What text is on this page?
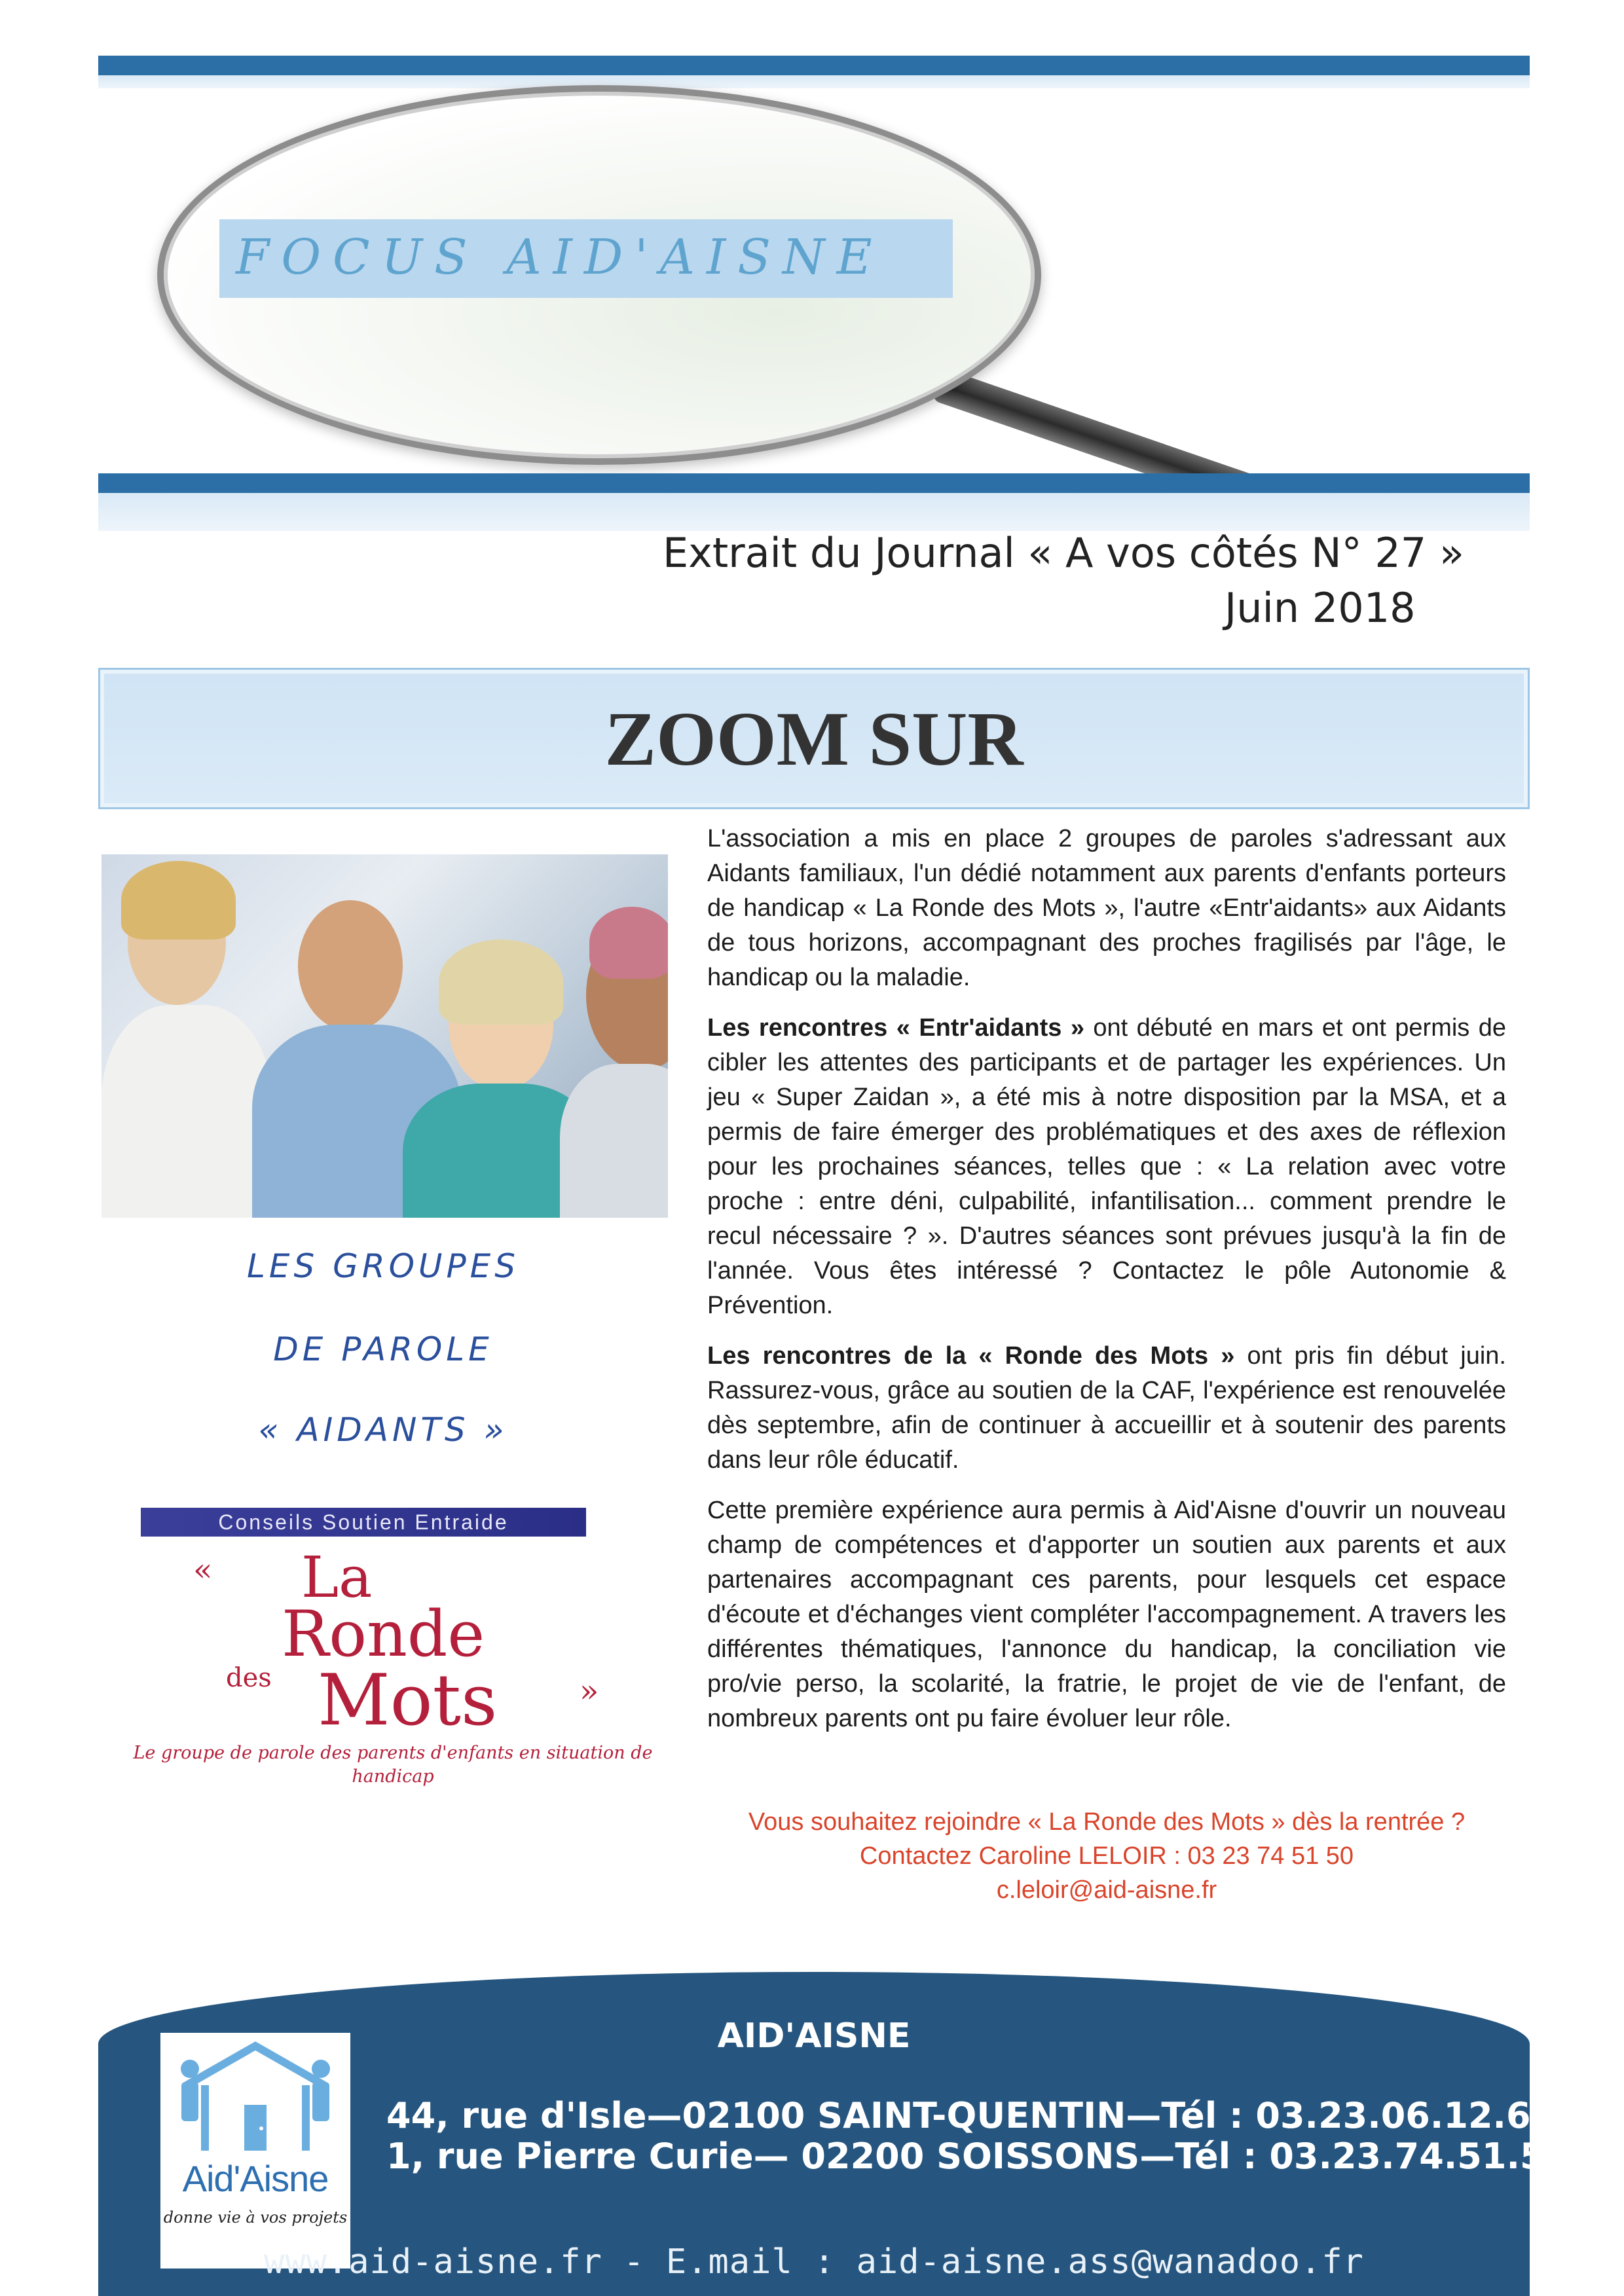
FOCUS AID'AISNE
Extrait du Journal « A vos côtés N° 27 »
Juin 2018
ZOOM SUR
LES GROUPES
DE PAROLE
« AIDANTS »
Conseils Soutien Entraide
« La
Ronde
des Mots	»
Le groupe de parole des parents d'enfants en situation de handicap

L'association a mis en place 2 groupes de paroles s'adressant aux Aidants familiaux, l'un dédié notamment aux parents d'enfants porteurs de handicap « La Ronde des Mots », l'autre «Entr'aidants» aux Aidants de tous horizons, accompagnant des proches fragilisés par l'âge, le handicap ou la maladie.

Les rencontres « Entr'aidants » ont débuté en mars et ont permis de cibler les attentes des participants et de partager les expériences. Un jeu « Super Zaidan », a été mis à notre disposition par la MSA, et a permis de faire émerger des problématiques et des axes de réflexion pour les prochaines séances, telles que : « La relation avec votre proche : entre déni, culpabilité, infantilisation... comment prendre le recul nécessaire ? ». D'autres séances sont prévues jusqu'à la fin de l'année. Vous êtes intéressé ? Contactez le pôle Autonomie & Prévention.

Les rencontres de la « Ronde des Mots » ont pris fin début juin. Rassurez-vous, grâce au soutien de la CAF, l'expérience est renouvelée dès septembre, afin de continuer à accueillir et à soutenir des parents dans leur rôle éducatif.

Cette première expérience aura permis à Aid'Aisne d'ouvrir un nouveau champ de compétences et d'apporter un soutien aux parents et aux partenaires accompagnant ces parents, pour lesquels cet espace d'écoute et d'échanges vient compléter l'accompagnement. A travers les différentes thématiques, l'annonce du handicap, la conciliation vie pro/vie perso, la scolarité, la fratrie, le projet de vie de l'enfant, de nombreux parents ont pu faire évoluer leur rôle.

Vous souhaitez rejoindre « La Ronde des Mots » dès la rentrée ?
Contactez Caroline LELOIR : 03 23 74 51 50
c.leloir@aid-aisne.fr
AID'AISNE
Aid'Aisne
donne vie à vos projets
44, rue d'Isle—02100 SAINT-QUENTIN—Tél : 03.23.06.12.64
1, rue Pierre Curie— 02200 SOISSONS—Tél : 03.23.74.51.50
www.aid-aisne.fr - E.mail : aid-aisne.ass@wanadoo.fr
